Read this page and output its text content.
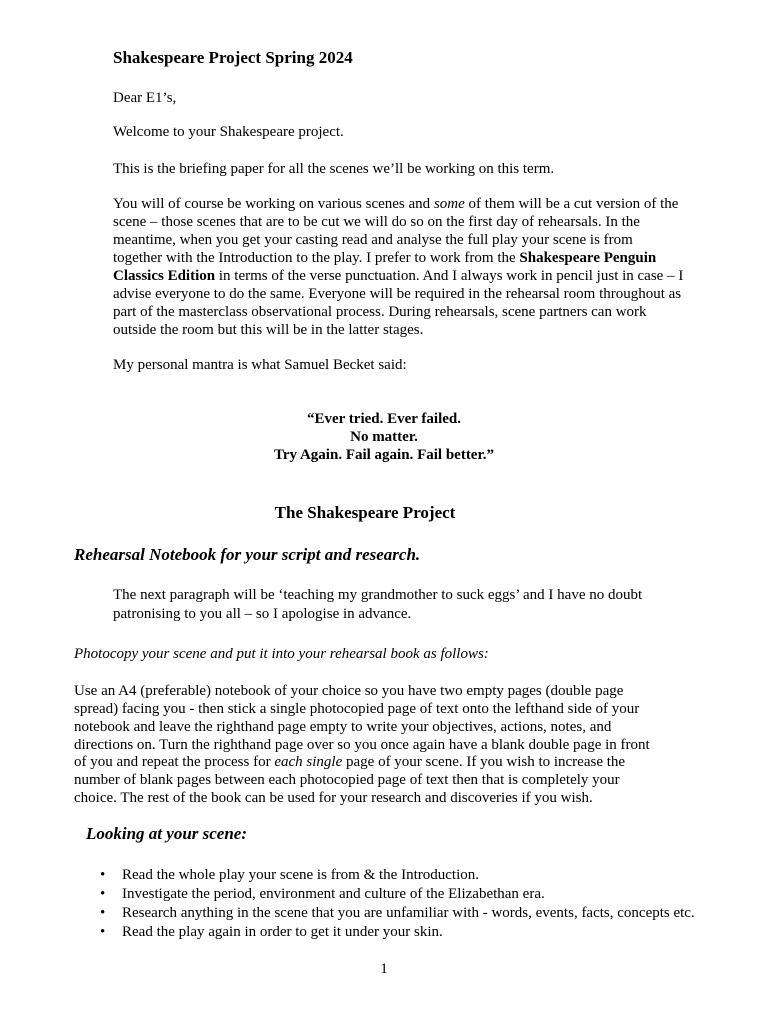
Shakespeare Project Spring 2024
Dear E1’s,
Welcome to your Shakespeare project.
This is the briefing paper for all the scenes we’ll be working on this term.
You will of course be working on various scenes and some of them will be a cut version of the
scene – those scenes that are to be cut we will do so on the first day of rehearsals. In the
meantime, when you get your casting read and analyse the full play your scene is from
together with the Introduction to the play. I prefer to work from the Shakespeare Penguin
Classics Edition in terms of the verse punctuation. And I always work in pencil just in case – I
advise everyone to do the same. Everyone will be required in the rehearsal room throughout as
part of the masterclass observational process. During rehearsals, scene partners can work
outside the room but this will be in the latter stages.
My personal mantra is what Samuel Becket said:
“Ever tried. Ever failed.
No matter.
Try Again. Fail again. Fail better.”
The Shakespeare Project
Rehearsal Notebook for your script and research.
The next paragraph will be ‘teaching my grandmother to suck eggs’ and I have no doubt
patronising to you all – so I apologise in advance.
Photocopy your scene and put it into your rehearsal book as follows:
Use an A4 (preferable) notebook of your choice so you have two empty pages (double page
spread) facing you - then stick a single photocopied page of text onto the lefthand side of your
notebook and leave the righthand page empty to write your objectives, actions, notes, and
directions on. Turn the righthand page over so you once again have a blank double page in front
of you and repeat the process for each single page of your scene. If you wish to increase the
number of blank pages between each photocopied page of text then that is completely your
choice. The rest of the book can be used for your research and discoveries if you wish.
Looking at your scene:
• Read the whole play your scene is from & the Introduction.
• Investigate the period, environment and culture of the Elizabethan era.
• Research anything in the scene that you are unfamiliar with - words, events, facts, concepts etc.
• Read the play again in order to get it under your skin.
1
